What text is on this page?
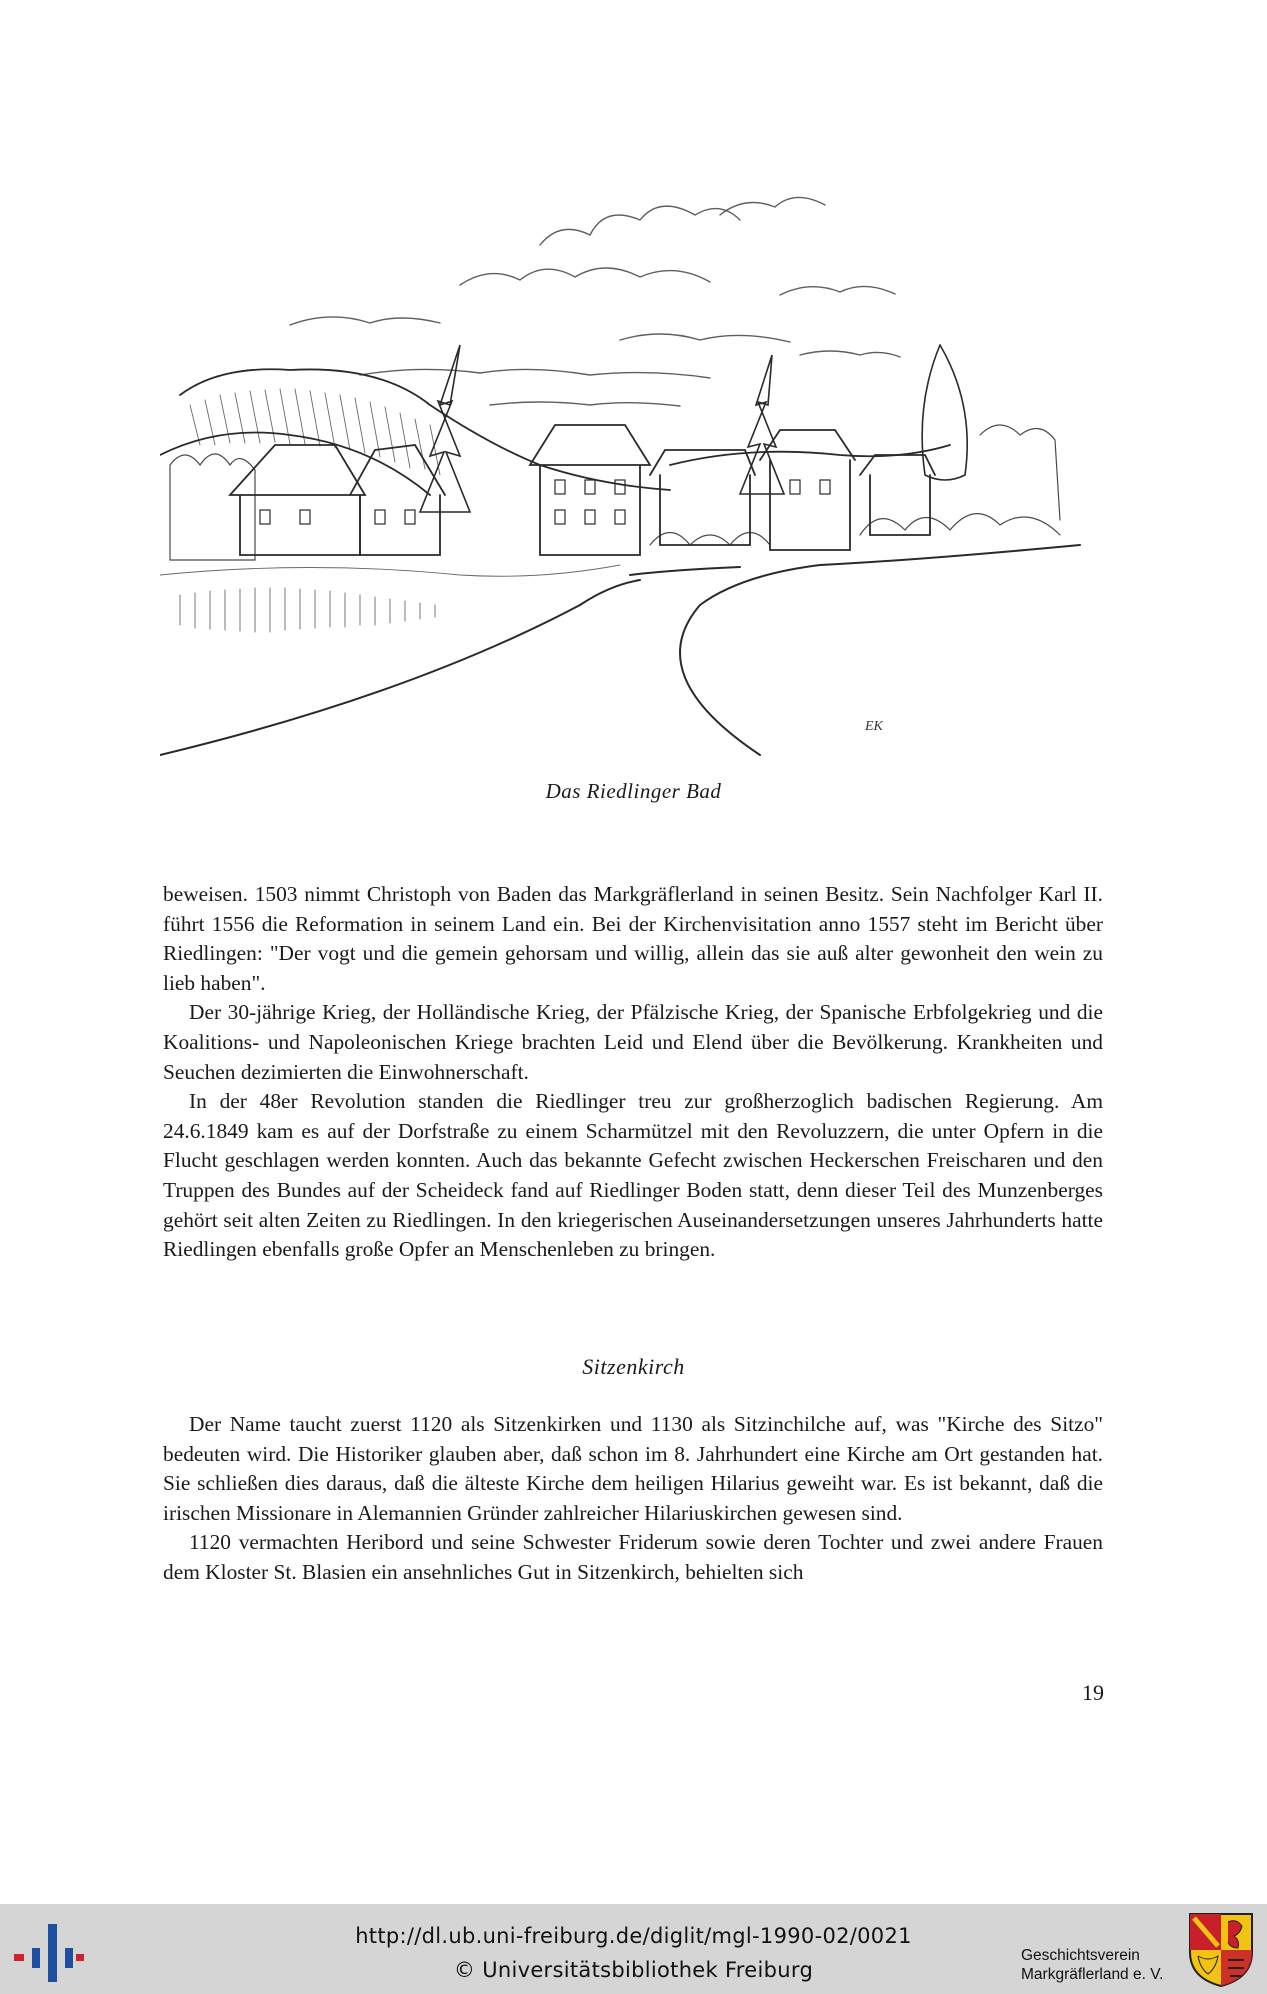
EK
Das Riedlinger Bad

beweisen. 1503 nimmt Christoph von Baden das Markgräflerland in seinen Besitz. Sein Nachfolger Karl II. führt 1556 die Reformation in seinem Land ein. Bei der Kirchenvisitation anno 1557 steht im Bericht über Riedlingen: "Der vogt und die gemein gehorsam und willig, allein das sie auß alter gewonheit den wein zu lieb haben".

Der 30-jährige Krieg, der Holländische Krieg, der Pfälzische Krieg, der Spanische Erbfolgekrieg und die Koalitions- und Napoleonischen Kriege brachten Leid und Elend über die Bevölkerung. Krankheiten und Seuchen dezimierten die Einwohnerschaft.

In der 48er Revolution standen die Riedlinger treu zur großherzoglich badischen Regierung. Am 24.6.1849 kam es auf der Dorfstraße zu einem Scharmützel mit den Revoluzzern, die unter Opfern in die Flucht geschlagen werden konnten. Auch das bekannte Gefecht zwischen Heckerschen Freischaren und den Truppen des Bundes auf der Scheideck fand auf Riedlinger Boden statt, denn dieser Teil des Munzenberges gehört seit alten Zeiten zu Riedlingen. In den kriegerischen Auseinandersetzungen unseres Jahrhunderts hatte Riedlingen ebenfalls große Opfer an Menschenleben zu bringen.

Sitzenkirch

Der Name taucht zuerst 1120 als Sitzenkirken und 1130 als Sitzinchilche auf, was "Kirche des Sitzo" bedeuten wird. Die Historiker glauben aber, daß schon im 8. Jahrhundert eine Kirche am Ort gestanden hat. Sie schließen dies daraus, daß die älteste Kirche dem heiligen Hilarius geweiht war. Es ist bekannt, daß die irischen Missionare in Alemannien Gründer zahlreicher Hilariuskirchen gewesen sind.

1120 vermachten Heribord und seine Schwester Friderum sowie deren Tochter und zwei andere Frauen dem Kloster St. Blasien ein ansehnliches Gut in Sitzenkirch, behielten sich

19
http://dl.ub.uni-freiburg.de/diglit/mgl-1990-02/0021
© Universitätsbibliothek Freiburg
Geschichtsverein
Markgräflerland e. V.
